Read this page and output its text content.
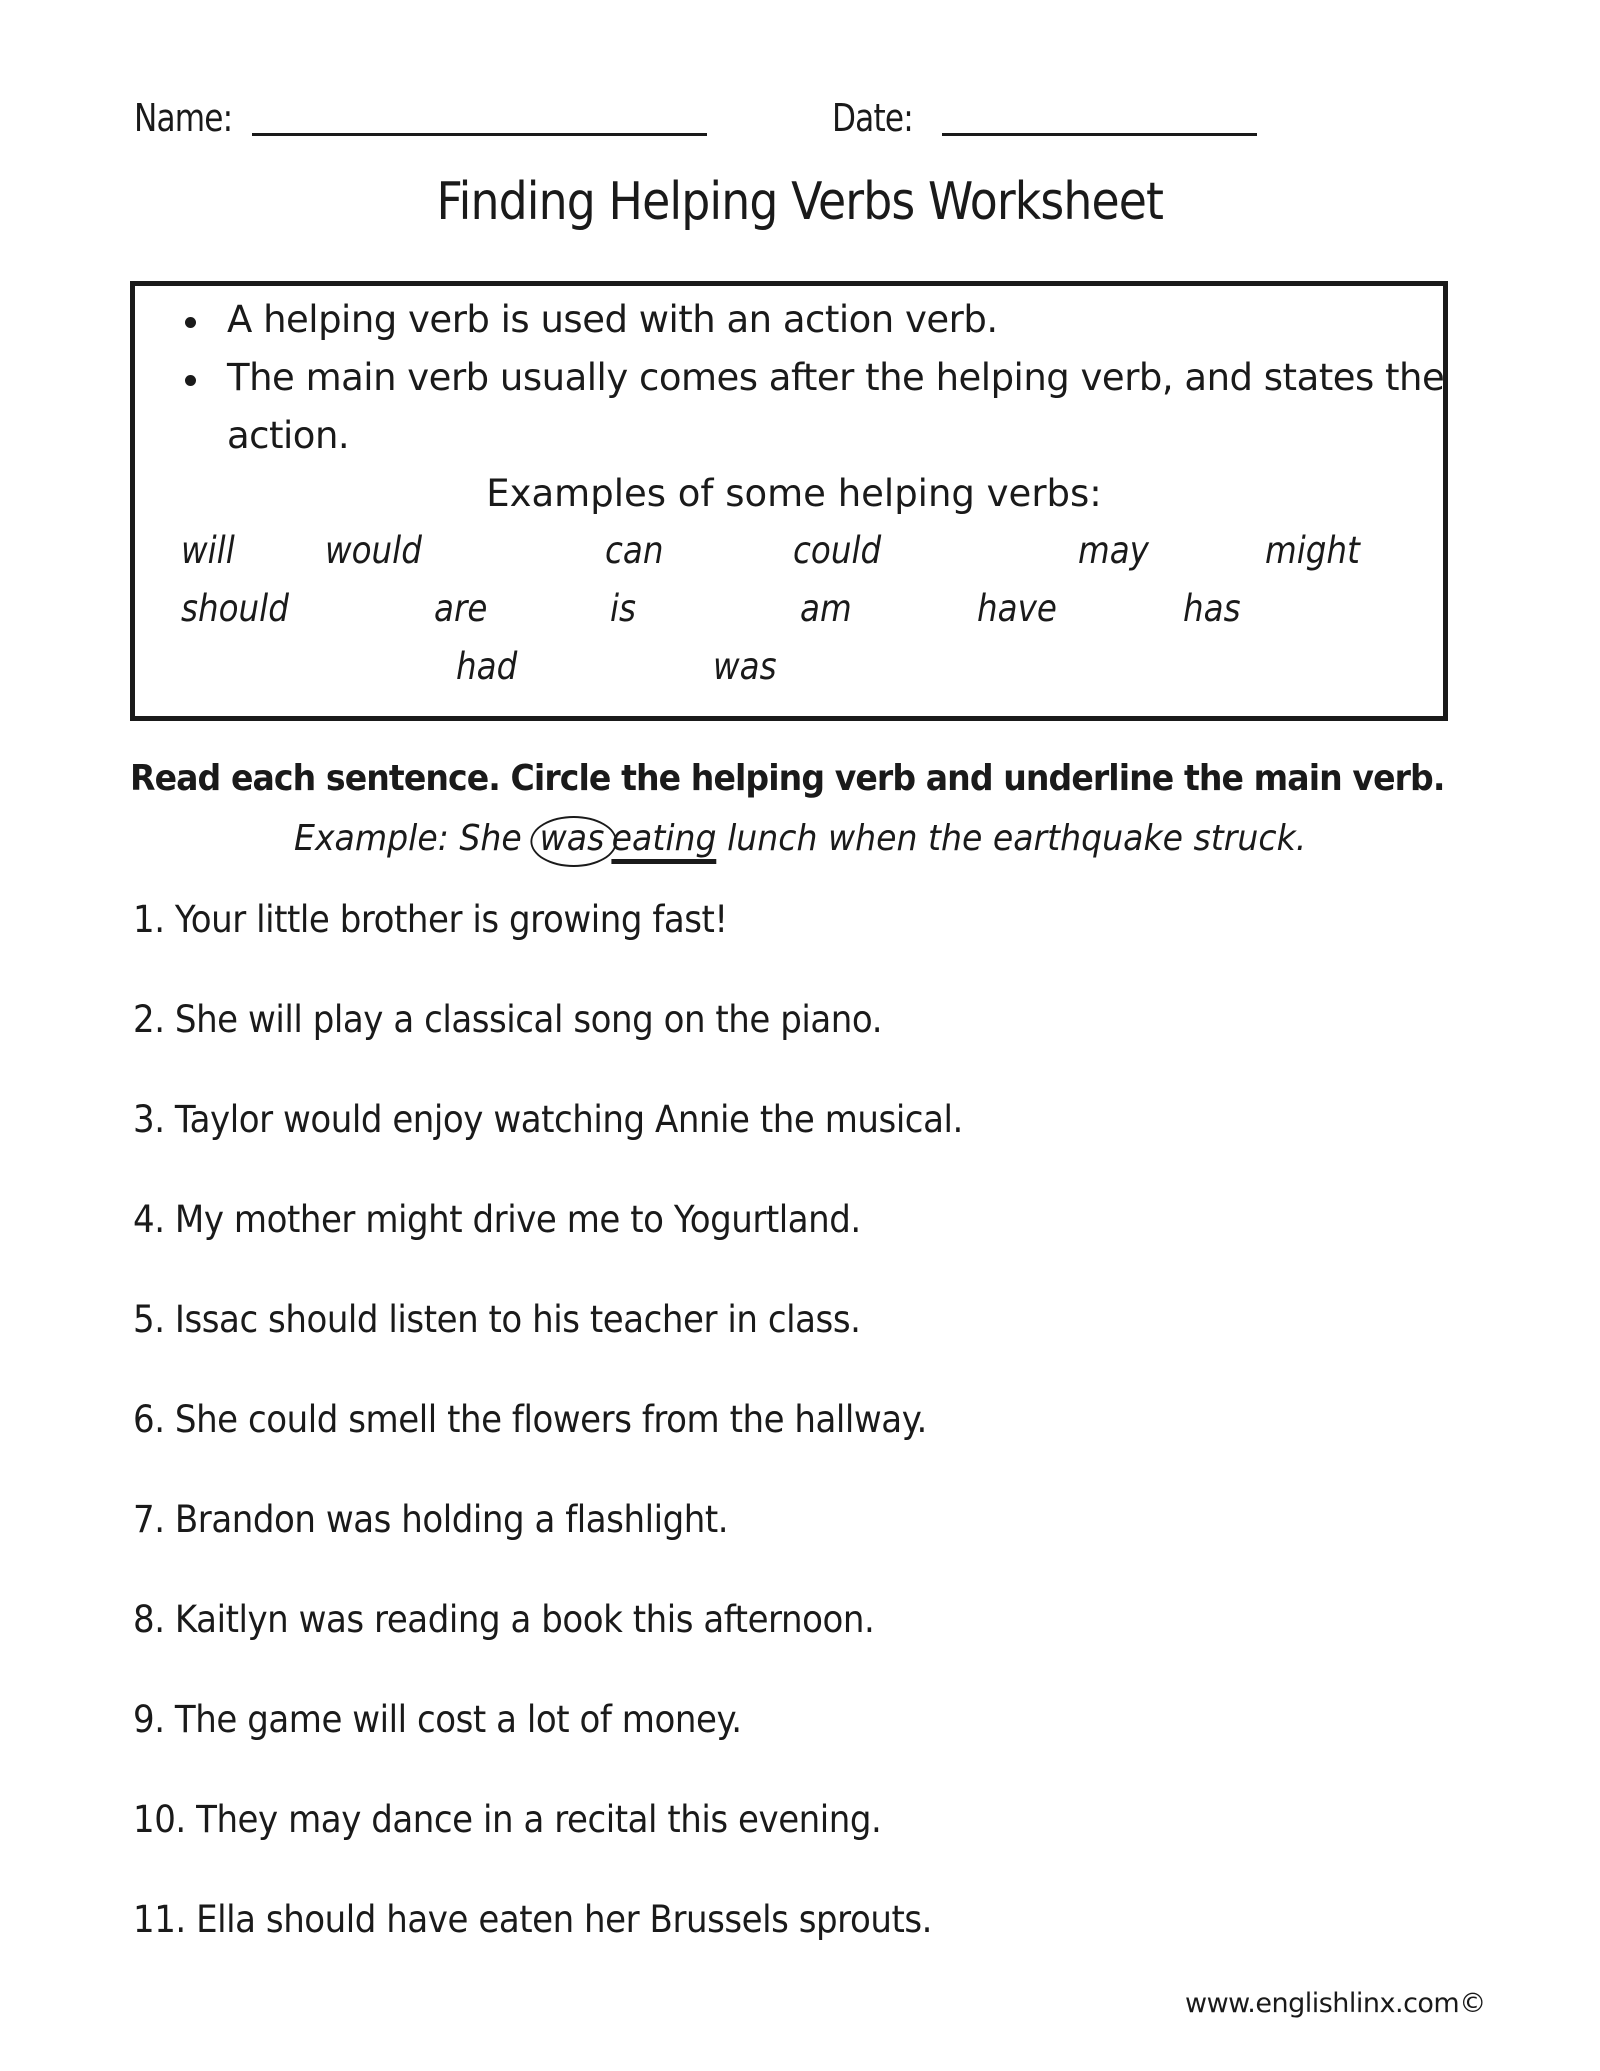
Name:	Date:
Finding Helping Verbs Worksheet
A helping verb is used with an action verb.
The main verb usually comes after the helping verb, and states the
action.
Examples of some helping verbs:
will would	can	could	may	might
should	are	is	am	have	has
had	was
Read each sentence. Circle the helping verb and underline the main verb.
Example: She was eating lunch when the earthquake struck.
1. Your little brother is growing fast!
2. She will play a classical song on the piano.
3. Taylor would enjoy watching Annie the musical.
4. My mother might drive me to Yogurtland.
5. Issac should listen to his teacher in class.
6. She could smell the flowers from the hallway.
7. Brandon was holding a flashlight.
8. Kaitlyn was reading a book this afternoon.
9. The game will cost a lot of money.
10. They may dance in a recital this evening.
11. Ella should have eaten her Brussels sprouts.
www.englishlinx.com©
